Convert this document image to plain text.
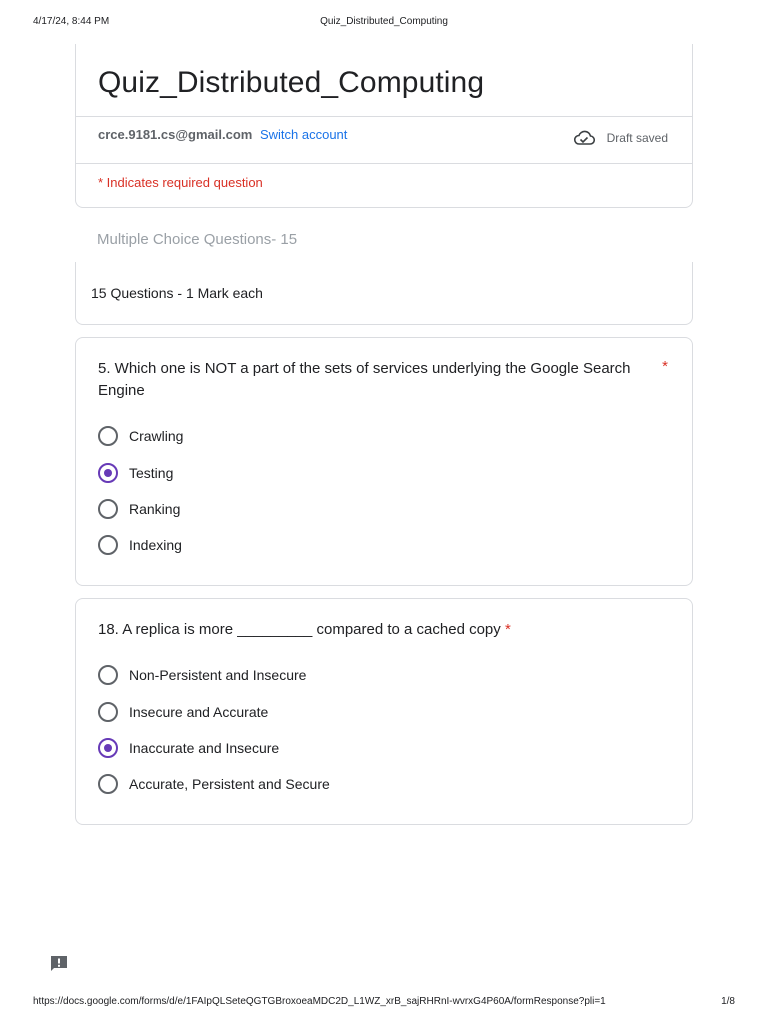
4/17/24, 8:44 PM	Quiz_Distributed_Computing
Quiz_Distributed_Computing
crce.9181.cs@gmail.com Switch account	Draft saved
* Indicates required question
Multiple Choice Questions- 15
15 Questions - 1 Mark each
5. Which one is NOT a part of the sets of services underlying the Google Search Engine
*
Crawling
Testing
Ranking
Indexing
18. A replica is more _________ compared to a cached copy *
Non-Persistent and Insecure
Insecure and Accurate
Inaccurate and Insecure
Accurate, Persistent and Secure
https://docs.google.com/forms/d/e/1FAIpQLSeteQGTGBroxoeaMDC2D_L1WZ_xrB_sajRHRnI-wvrxG4P60A/formResponse?pli=1	1/8
